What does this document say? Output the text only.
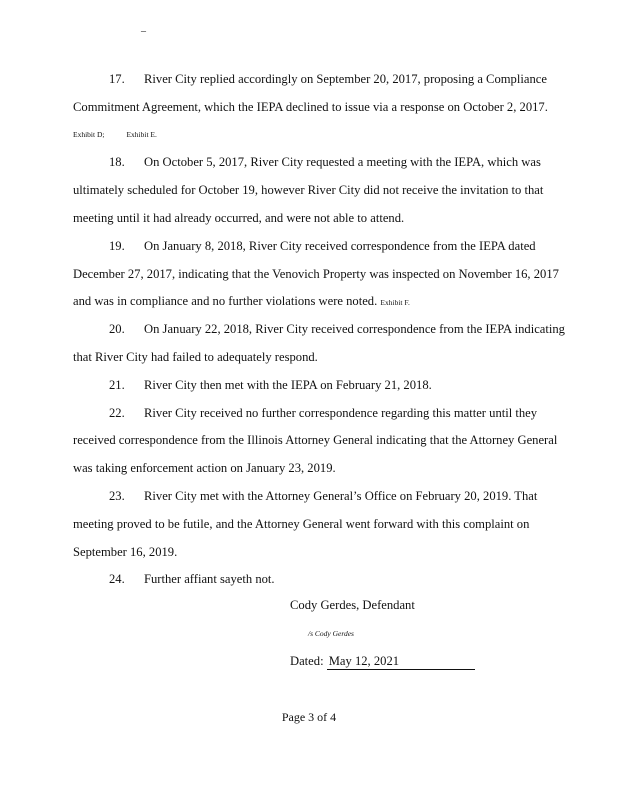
_
17. River City replied accordingly on September 20, 2017, proposing a Compliance
Commitment Agreement, which the IEPA declined to issue via a response on October 2, 2017.
Exhibit D;	Exhibit E.
18. On October 5, 2017, River City requested a meeting with the IEPA, which was
ultimately scheduled for October 19, however River City did not receive the invitation to that
meeting until it had already occurred, and were not able to attend.
19. On January 8, 2018, River City received correspondence from the IEPA dated
December 27, 2017, indicating that the Venovich Property was inspected on November 16, 2017
and was in compliance and no further violations were noted. Exhibit F.
20. On January 22, 2018, River City received correspondence from the IEPA indicating
that River City had failed to adequately respond.
21. River City then met with the IEPA on February 21, 2018.
22. River City received no further correspondence regarding this matter until they
received correspondence from the Illinois Attorney General indicating that the Attorney General
was taking enforcement action on January 23, 2019.
23. River City met with the Attorney General’s Office on February 20, 2019. That
meeting proved to be futile, and the Attorney General went forward with this complaint on
September 16, 2019.
24. Further affiant sayeth not.
Cody Gerdes, Defendant
/s Cody Gerdes
Dated: May 12, 2021
Page 3 of 4
